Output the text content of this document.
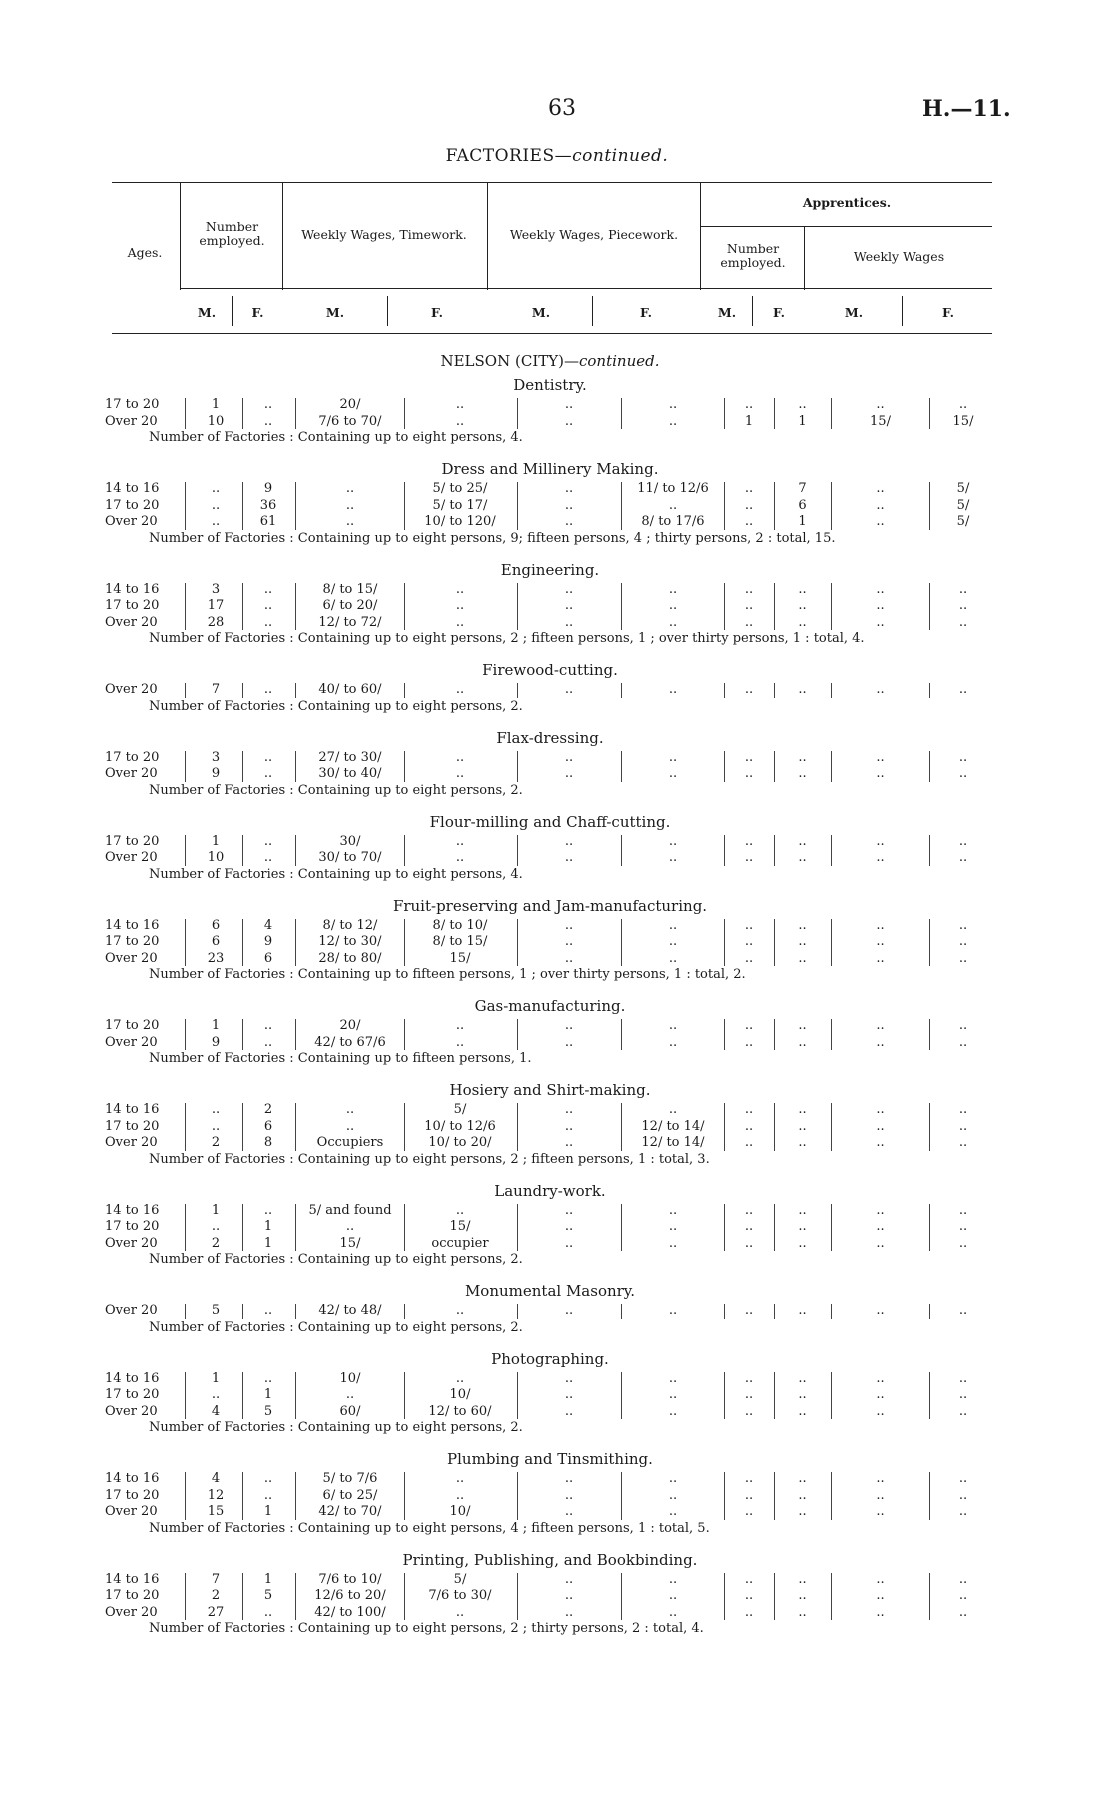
63	H.—11.
FACTORIES—continued.
Ages.
Number employed.	Weekly Wages, Timework.	Weekly Wages, Piecework.
Apprentices.
Number employed.	Weekly Wages
M.	F.	M.	F.	M.	F.	M.	F.	M.	F.
NELSON (CITY)—continued.
Dentistry.
17 to 20	1	..	20/	..	..	..	..	..	..	..
Over 20	10	..	7/6 to 70/	..	..	..	1	1	15/	15/
Number of Factories : Containing up to eight persons, 4.
Dress and Millinery Making.
14 to 16	..	9	..	5/ to 25/	..	11/ to 12/6	..	7	..	5/
17 to 20	..	36	..	5/ to 17/	..	..	..	6	..	5/
Over 20	..	61	..	10/ to 120/	..	8/ to 17/6	..	1	..	5/
Number of Factories : Containing up to eight persons, 9; fifteen persons, 4 ; thirty persons, 2 : total, 15.
Engineering.
14 to 16	3	..	8/ to 15/	..	..	..	..	..	..	..
17 to 20	17	..	6/ to 20/	..	..	..	..	..	..	..
Over 20	28	..	12/ to 72/	..	..	..	..	..	..	..
Number of Factories : Containing up to eight persons, 2 ; fifteen persons, 1 ; over thirty persons, 1 : total, 4.
Firewood-cutting.
Over 20	7	..	40/ to 60/	..	..	..	..	..	..	..
Number of Factories : Containing up to eight persons, 2.
Flax-dressing.
17 to 20	3	..	27/ to 30/	..	..	..	..	..	..	..
Over 20	9	..	30/ to 40/	..	..	..	..	..	..	..
Number of Factories : Containing up to eight persons, 2.
Flour-milling and Chaff-cutting.
17 to 20	1	..	30/	..	..	..	..	..	..	..
Over 20	10	..	30/ to 70/	..	..	..	..	..	..	..
Number of Factories : Containing up to eight persons, 4.
Fruit-preserving and Jam-manufacturing.
14 to 16	6	4	8/ to 12/	8/ to 10/	..	..	..	..	..	..
17 to 20	6	9	12/ to 30/	8/ to 15/	..	..	..	..	..	..
Over 20	23	6	28/ to 80/	15/	..	..	..	..	..	..
Number of Factories : Containing up to fifteen persons, 1 ; over thirty persons, 1 : total, 2.
Gas-manufacturing.
17 to 20	1	..	20/	..	..	..	..	..	..	..
Over 20	9	..	42/ to 67/6	..	..	..	..	..	..	..
Number of Factories : Containing up to fifteen persons, 1.
Hosiery and Shirt-making.
14 to 16	..	2	..	5/	..	..	..	..	..	..
17 to 20	..	6	..	10/ to 12/6	..	12/ to 14/	..	..	..	..
Over 20	2	8	Occupiers	10/ to 20/	..	12/ to 14/	..	..	..	..
Number of Factories : Containing up to eight persons, 2 ; fifteen persons, 1 : total, 3.
Laundry-work.
14 to 16	1	..	5/ and found	..	..	..	..	..	..	..
17 to 20	..	1	..	15/	..	..	..	..	..	..
Over 20	2	1	15/	occupier	..	..	..	..	..	..
Number of Factories : Containing up to eight persons, 2.
Monumental Masonry.
Over 20	5	..	42/ to 48/	..	..	..	..	..	..	..
Number of Factories : Containing up to eight persons, 2.
Photographing.
14 to 16	1	..	10/	..	..	..	..	..	..	..
17 to 20	..	1	..	10/	..	..	..	..	..	..
Over 20	4	5	60/	12/ to 60/	..	..	..	..	..	..
Number of Factories : Containing up to eight persons, 2.
Plumbing and Tinsmithing.
14 to 16	4	..	5/ to 7/6	..	..	..	..	..	..	..
17 to 20	12	..	6/ to 25/	..	..	..	..	..	..	..
Over 20	15	1	42/ to 70/	10/	..	..	..	..	..	..
Number of Factories : Containing up to eight persons, 4 ; fifteen persons, 1 : total, 5.
Printing, Publishing, and Bookbinding.
14 to 16	7	1	7/6 to 10/	5/	..	..	..	..	..	..
17 to 20	2	5	12/6 to 20/	7/6 to 30/	..	..	..	..	..	..
Over 20	27	..	42/ to 100/	..	..	..	..	..	..	..
Number of Factories : Containing up to eight persons, 2 ; thirty persons, 2 : total, 4.
